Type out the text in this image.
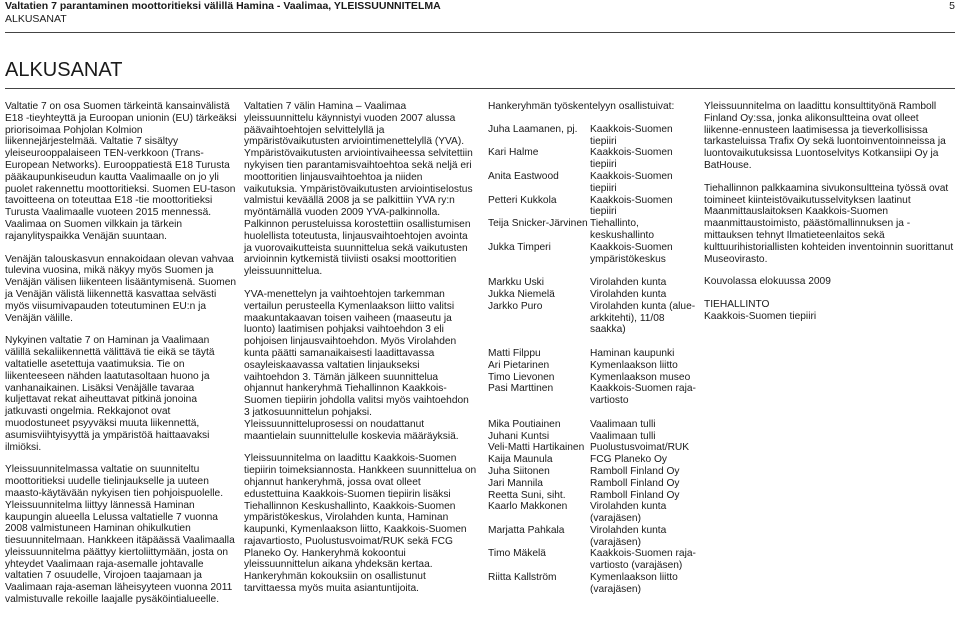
Valtatien 7 parantaminen moottoritieksi välillä Hamina - Vaalimaa, YLEISSUUNNITELMA
ALKUSANAT
5
ALKUSANAT

Valtatie 7 on osa Suomen tärkeintä kansainvälistä E18 -tieyhteyttä ja Euroopan unionin (EU) tärkeäksi priorisoimaa Pohjolan Kolmion liikennejärjestelmää. Valtatie 7 sisältyy yleiseurooppalaiseen TEN-verkkoon (Trans-European Networks). Eurooppatiestä E18 Turusta pääkaupunkiseudun kautta Vaalimaalle on jo yli puolet rakennettu moottoritieksi. Suomen EU-tason tavoitteena on toteuttaa E18 -tie moottoritieksi Turusta Vaalimaalle vuoteen 2015 mennessä. Vaalimaa on Suomen vilkkain ja tärkein rajanylityspaikka Venäjän suuntaan.

Venäjän talouskasvun ennakoidaan olevan vahvaa tulevina vuosina, mikä näkyy myös Suomen ja Venäjän välisen liikenteen lisääntymisenä. Suomen ja Venäjän välistä liikennettä kasvattaa selvästi myös viisumivapauden toteutuminen EU:n ja Venäjän välille.

Nykyinen valtatie 7 on Haminan ja Vaalimaan välillä sekaliikennettä välittävä tie eikä se täytä valtatielle asetettuja vaatimuksia. Tie on liikenteeseen nähden laatutasoltaan huono ja vanhanaikainen. Lisäksi Venäjälle tavaraa kuljettavat rekat aiheuttavat pitkinä jonoina jatkuvasti ongelmia. Rekkajonot ovat muodostuneet psyyväksi muuta liikennettä, asumisviihtyisyyttä ja ympäristöä haittaavaksi ilmiöksi.

Yleissuunnitelmassa valtatie on suunniteltu moottoritieksi uudelle tielinjaukselle ja uuteen maasto-käytävään nykyisen tien pohjoispuolelle. Yleissuunnitelma liittyy lännessä Haminan kaupungin alueella Lelussa valtatielle 7 vuonna 2008 valmistuneen Haminan ohikulkutien tiesuunnitelmaan. Hankkeen itäpäässä Vaalimaalla yleissuunnitelma päättyy kiertoliittymään, josta on yhteydet Vaalimaan raja-asemalle johtavalle valtatien 7 osuudelle, Virojoen taajamaan ja Vaalimaan raja-aseman läheisyyteen vuonna 2011 valmistuvalle rekoille laajalle pysäköintialueelle.

Valtatien 7 välin Hamina – Vaalimaa yleissuunnittelu käynnistyi vuoden 2007 alussa päävaihtoehtojen selvittelyllä ja ympäristövaikutusten arviointimenettelyllä (YVA). Ympäristövaikutusten arviointivaiheessa selvitettiin nykyisen tien parantamisvaihtoehtoa sekä neljä eri moottoritien linjausvaihtoehtoa ja niiden vaikutuksia. Ympäristövaikutusten arviointiselostus valmistui keväällä 2008 ja se palkittiin YVA ry:n myöntämällä vuoden 2009 YVA-palkinnolla. Palkinnon perusteluissa korostettiin osallistumisen huolellista toteutusta, linjausvaihtoehtojen avointa ja vuorovaikutteista suunnittelua sekä vaikutusten arvioinnin kytkemistä tiiviisti osaksi moottoritien yleissuunnittelua.

YVA-menettelyn ja vaihtoehtojen tarkemman vertailun perusteella Kymenlaakson liitto valitsi maakuntakaavan toisen vaiheen (maaseutu ja luonto) laatimisen pohjaksi vaihtoehdon 3 eli pohjoisen linjausvaihtoehdon. Myös Virolahden kunta päätti samanaikaisesti laadittavassa osayleiskaavassa valtatien linjaukseksi vaihtoehdon 3. Tämän jälkeen suunnittelua ohjannut hankeryhmä Tiehallinnon Kaakkois-Suomen tiepiirin johdolla valitsi myös vaihtoehdon 3 jatkosuunnittelun pohjaksi. Yleissuunnitteluprosessi on noudattanut maantielain suunnittelulle koskevia määräyksiä.

Yleissuunnitelma on laadittu Kaakkois-Suomen tiepiirin toimeksiannosta. Hankkeen suunnittelua on ohjannut hankeryhmä, jossa ovat olleet edustettuina Kaakkois-Suomen tiepiirin lisäksi Tiehallinnon Keskushallinto, Kaakkois-Suomen ympäristökeskus, Virolahden kunta, Haminan kaupunki, Kymenlaakson liitto, Kaakkois-Suomen rajavartiosto, Puolustusvoimat/RUK sekä FCG Planeko Oy. Hankeryhmä kokoontui yleissuunnittelun aikana yhdeksän kertaa. Hankeryhmän kokouksiin on osallistunut tarvittaessa myös muita asiantuntijoita.

Hankeryhmän työskentelyyn osallistuivat:

Juha Laamanen, pj.	Kaakkois-Suomen tiepiiri
Kari Halme	Kaakkois-Suomen tiepiiri
Anita Eastwood	Kaakkois-Suomen tiepiiri
Petteri Kukkola	Kaakkois-Suomen tiepiiri
Teija Snicker-Järvinen Tiehallinto, keskushallinto
Jukka Timperi	Kaakkois-Suomen ympäristökeskus
Markku Uski	Virolahden kunta
Jukka Niemelä	Virolahden kunta
Jarkko Puro	Virolahden kunta (alue-arkkitehti), 11/08 saakka)
Matti Filppu	Haminan kaupunki
Ari Pietarinen	Kymenlaakson liitto
Timo Lievonen	Kymenlaakson museo
Pasi Marttinen	Kaakkois-Suomen raja-vartiosto
Mika Poutiainen	Vaalimaan tulli
Juhani Kuntsi	Vaalimaan tulli
Veli-Matti Hartikainen Puolustusvoimat/RUK
Kaija Maunula	FCG Planeko Oy
Juha Siitonen	Ramboll Finland Oy
Jari Mannila	Ramboll Finland Oy
Reetta Suni, siht.	Ramboll Finland Oy
Kaarlo Makkonen	Virolahden kunta (varajäsen)
Marjatta Pahkala	Virolahden kunta (varajäsen)
Timo Mäkelä	Kaakkois-Suomen raja-vartiosto (varajäsen)
Riitta Kallström	Kymenlaakson liitto (varajäsen)

Yleissuunnitelma on laadittu konsulttityönä Ramboll Finland Oy:ssa, jonka alikonsultteina ovat olleet liikenne-ennusteen laatimisessa ja tieverkollisissa tarkasteluissa Trafix Oy sekä luontoinventoinneissa ja luontovaikutuksissa Luontoselvitys Kotkansiipi Oy ja BatHouse.

Tiehallinnon palkkaamina sivukonsultteina työssä ovat toimineet kiinteistövaikutusselvityksen laatinut Maanmittauslaitoksen Kaakkois-Suomen maanmittaustoimisto, päästömallinnuksen ja -mittauksen tehnyt Ilmatieteenlaitos sekä kulttuurihistoriallisten kohteiden inventoinnin suorittanut Museovirasto.

Kouvolassa elokuussa 2009

TIEHALLINTO
Kaakkois-Suomen tiepiiri
